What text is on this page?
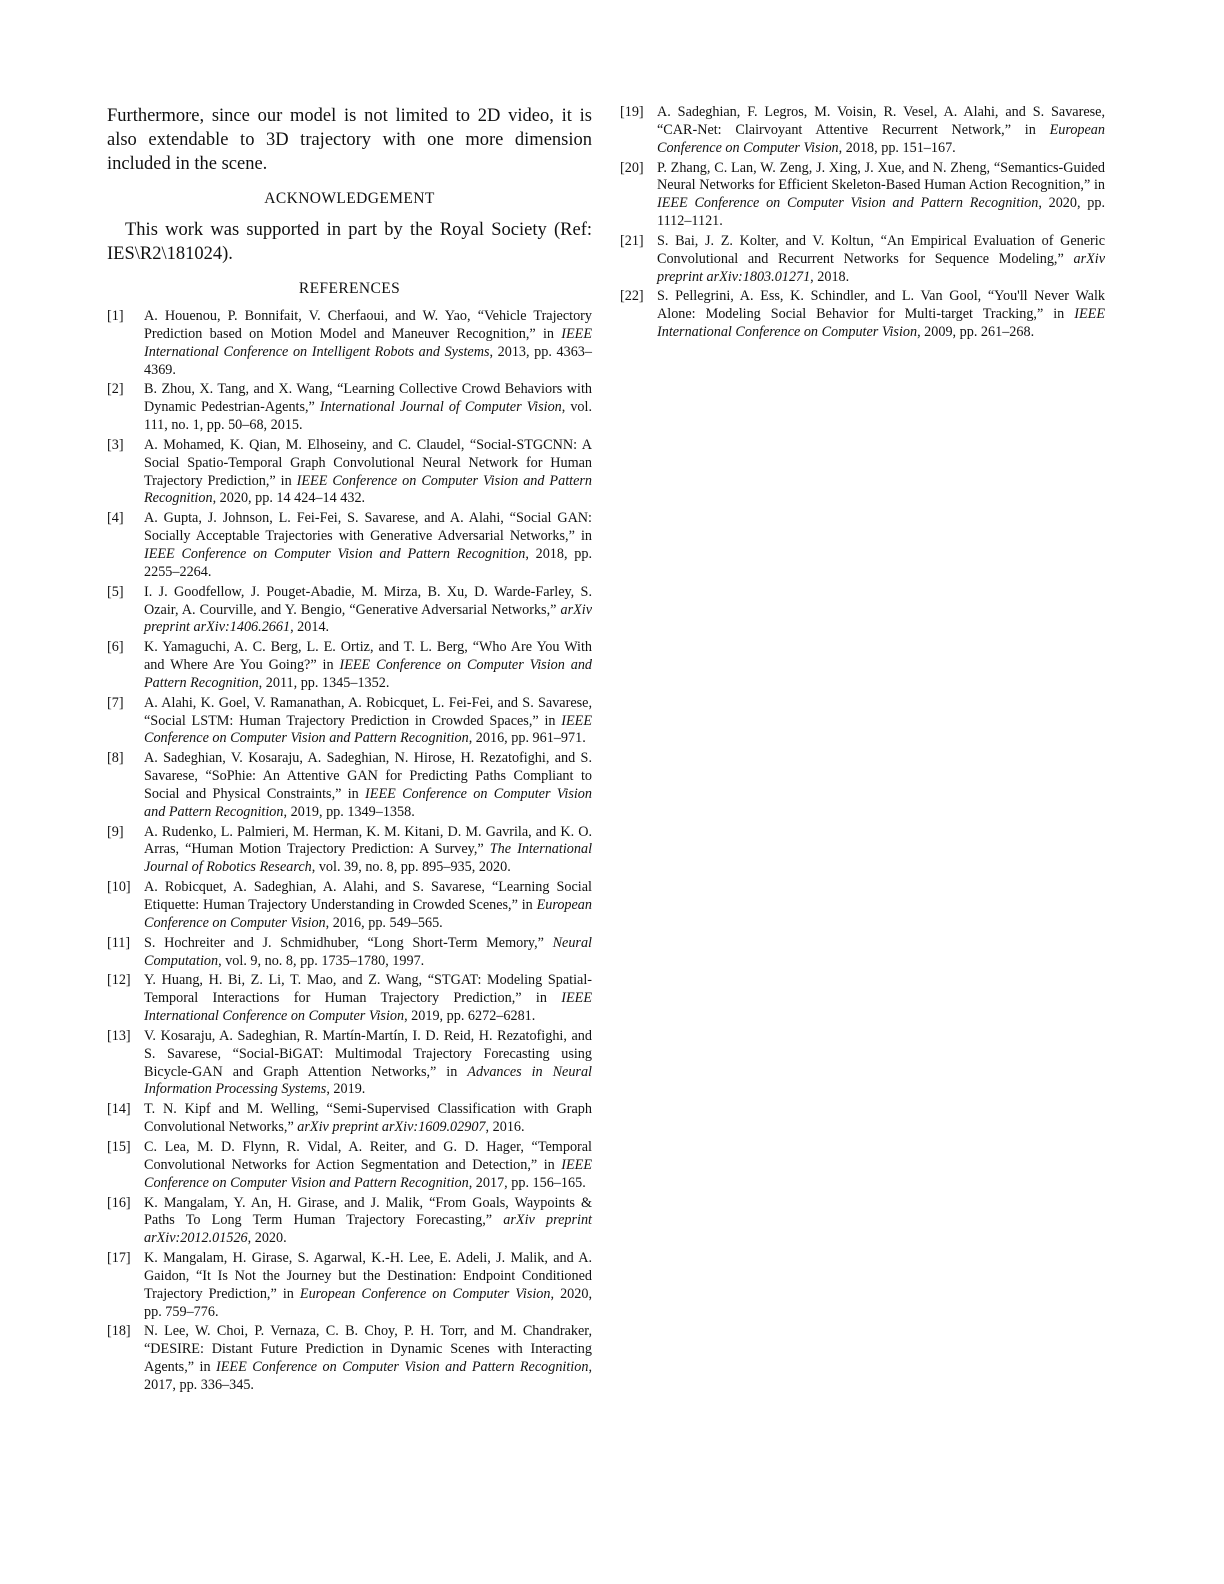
Furthermore, since our model is not limited to 2D video, it is also extendable to 3D trajectory with one more dimension included in the scene.

ACKNOWLEDGEMENT

This work was supported in part by the Royal Society (Ref: IES\R2\181024).

REFERENCES
[1]	A. Houenou, P. Bonnifait, V. Cherfaoui, and W. Yao, “Vehicle Trajectory Prediction based on Motion Model and Maneuver Recognition,” in IEEE International Conference on Intelligent Robots and Systems, 2013, pp. 4363–4369.
[2]	B. Zhou, X. Tang, and X. Wang, “Learning Collective Crowd Behaviors with Dynamic Pedestrian-Agents,” International Journal of Computer Vision, vol. 111, no. 1, pp. 50–68, 2015.
[3]	A. Mohamed, K. Qian, M. Elhoseiny, and C. Claudel, “Social-STGCNN: A Social Spatio-Temporal Graph Convolutional Neural Network for Human Trajectory Prediction,” in IEEE Conference on Computer Vision and Pattern Recognition, 2020, pp. 14 424–14 432.
[4]	A. Gupta, J. Johnson, L. Fei-Fei, S. Savarese, and A. Alahi, “Social GAN: Socially Acceptable Trajectories with Generative Adversarial Networks,” in IEEE Conference on Computer Vision and Pattern Recognition, 2018, pp. 2255–2264.
[5]	I. J. Goodfellow, J. Pouget-Abadie, M. Mirza, B. Xu, D. Warde-Farley, S. Ozair, A. Courville, and Y. Bengio, “Generative Adversarial Networks,” arXiv preprint arXiv:1406.2661, 2014.
[6]	K. Yamaguchi, A. C. Berg, L. E. Ortiz, and T. L. Berg, “Who Are You With and Where Are You Going?” in IEEE Conference on Computer Vision and Pattern Recognition, 2011, pp. 1345–1352.
[7]	A. Alahi, K. Goel, V. Ramanathan, A. Robicquet, L. Fei-Fei, and S. Savarese, “Social LSTM: Human Trajectory Prediction in Crowded Spaces,” in IEEE Conference on Computer Vision and Pattern Recognition, 2016, pp. 961–971.
[8]	A. Sadeghian, V. Kosaraju, A. Sadeghian, N. Hirose, H. Rezatofighi, and S. Savarese, “SoPhie: An Attentive GAN for Predicting Paths Compliant to Social and Physical Constraints,” in IEEE Conference on Computer Vision and Pattern Recognition, 2019, pp. 1349–1358.
[9]	A. Rudenko, L. Palmieri, M. Herman, K. M. Kitani, D. M. Gavrila, and K. O. Arras, “Human Motion Trajectory Prediction: A Survey,” The International Journal of Robotics Research, vol. 39, no. 8, pp. 895–935, 2020.
[10] A. Robicquet, A. Sadeghian, A. Alahi, and S. Savarese, “Learning Social Etiquette: Human Trajectory Understanding in Crowded Scenes,” in European Conference on Computer Vision, 2016, pp. 549–565.
[11] S. Hochreiter and J. Schmidhuber, “Long Short-Term Memory,” Neural Computation, vol. 9, no. 8, pp. 1735–1780, 1997.
[12] Y. Huang, H. Bi, Z. Li, T. Mao, and Z. Wang, “STGAT: Modeling Spatial-Temporal Interactions for Human Trajectory Prediction,” in IEEE International Conference on Computer Vision, 2019, pp. 6272–6281.
[13] V. Kosaraju, A. Sadeghian, R. Martín-Martín, I. D. Reid, H. Rezatofighi, and S. Savarese, “Social-BiGAT: Multimodal Trajectory Forecasting using Bicycle-GAN and Graph Attention Networks,” in Advances in Neural Information Processing Systems, 2019.
[14] T. N. Kipf and M. Welling, “Semi-Supervised Classification with Graph Convolutional Networks,” arXiv preprint arXiv:1609.02907, 2016.
[15] C. Lea, M. D. Flynn, R. Vidal, A. Reiter, and G. D. Hager, “Temporal Convolutional Networks for Action Segmentation and Detection,” in IEEE Conference on Computer Vision and Pattern Recognition, 2017, pp. 156–165.
[16] K. Mangalam, Y. An, H. Girase, and J. Malik, “From Goals, Waypoints & Paths To Long Term Human Trajectory Forecasting,” arXiv preprint arXiv:2012.01526, 2020.
[17] K. Mangalam, H. Girase, S. Agarwal, K.-H. Lee, E. Adeli, J. Malik, and A. Gaidon, “It Is Not the Journey but the Destination: Endpoint Conditioned Trajectory Prediction,” in European Conference on Computer Vision, 2020, pp. 759–776.
[18] N. Lee, W. Choi, P. Vernaza, C. B. Choy, P. H. Torr, and M. Chandraker, “DESIRE: Distant Future Prediction in Dynamic Scenes with Interacting Agents,” in IEEE Conference on Computer Vision and Pattern Recognition, 2017, pp. 336–345.
[19] A. Sadeghian, F. Legros, M. Voisin, R. Vesel, A. Alahi, and S. Savarese, “CAR-Net: Clairvoyant Attentive Recurrent Network,” in European Conference on Computer Vision, 2018, pp. 151–167.
[20] P. Zhang, C. Lan, W. Zeng, J. Xing, J. Xue, and N. Zheng, “Semantics-Guided Neural Networks for Efficient Skeleton-Based Human Action Recognition,” in IEEE Conference on Computer Vision and Pattern Recognition, 2020, pp. 1112–1121.
[21] S. Bai, J. Z. Kolter, and V. Koltun, “An Empirical Evaluation of Generic Convolutional and Recurrent Networks for Sequence Modeling,” arXiv preprint arXiv:1803.01271, 2018.
[22] S. Pellegrini, A. Ess, K. Schindler, and L. Van Gool, “You'll Never Walk Alone: Modeling Social Behavior for Multi-target Tracking,” in IEEE International Conference on Computer Vision, 2009, pp. 261–268.
